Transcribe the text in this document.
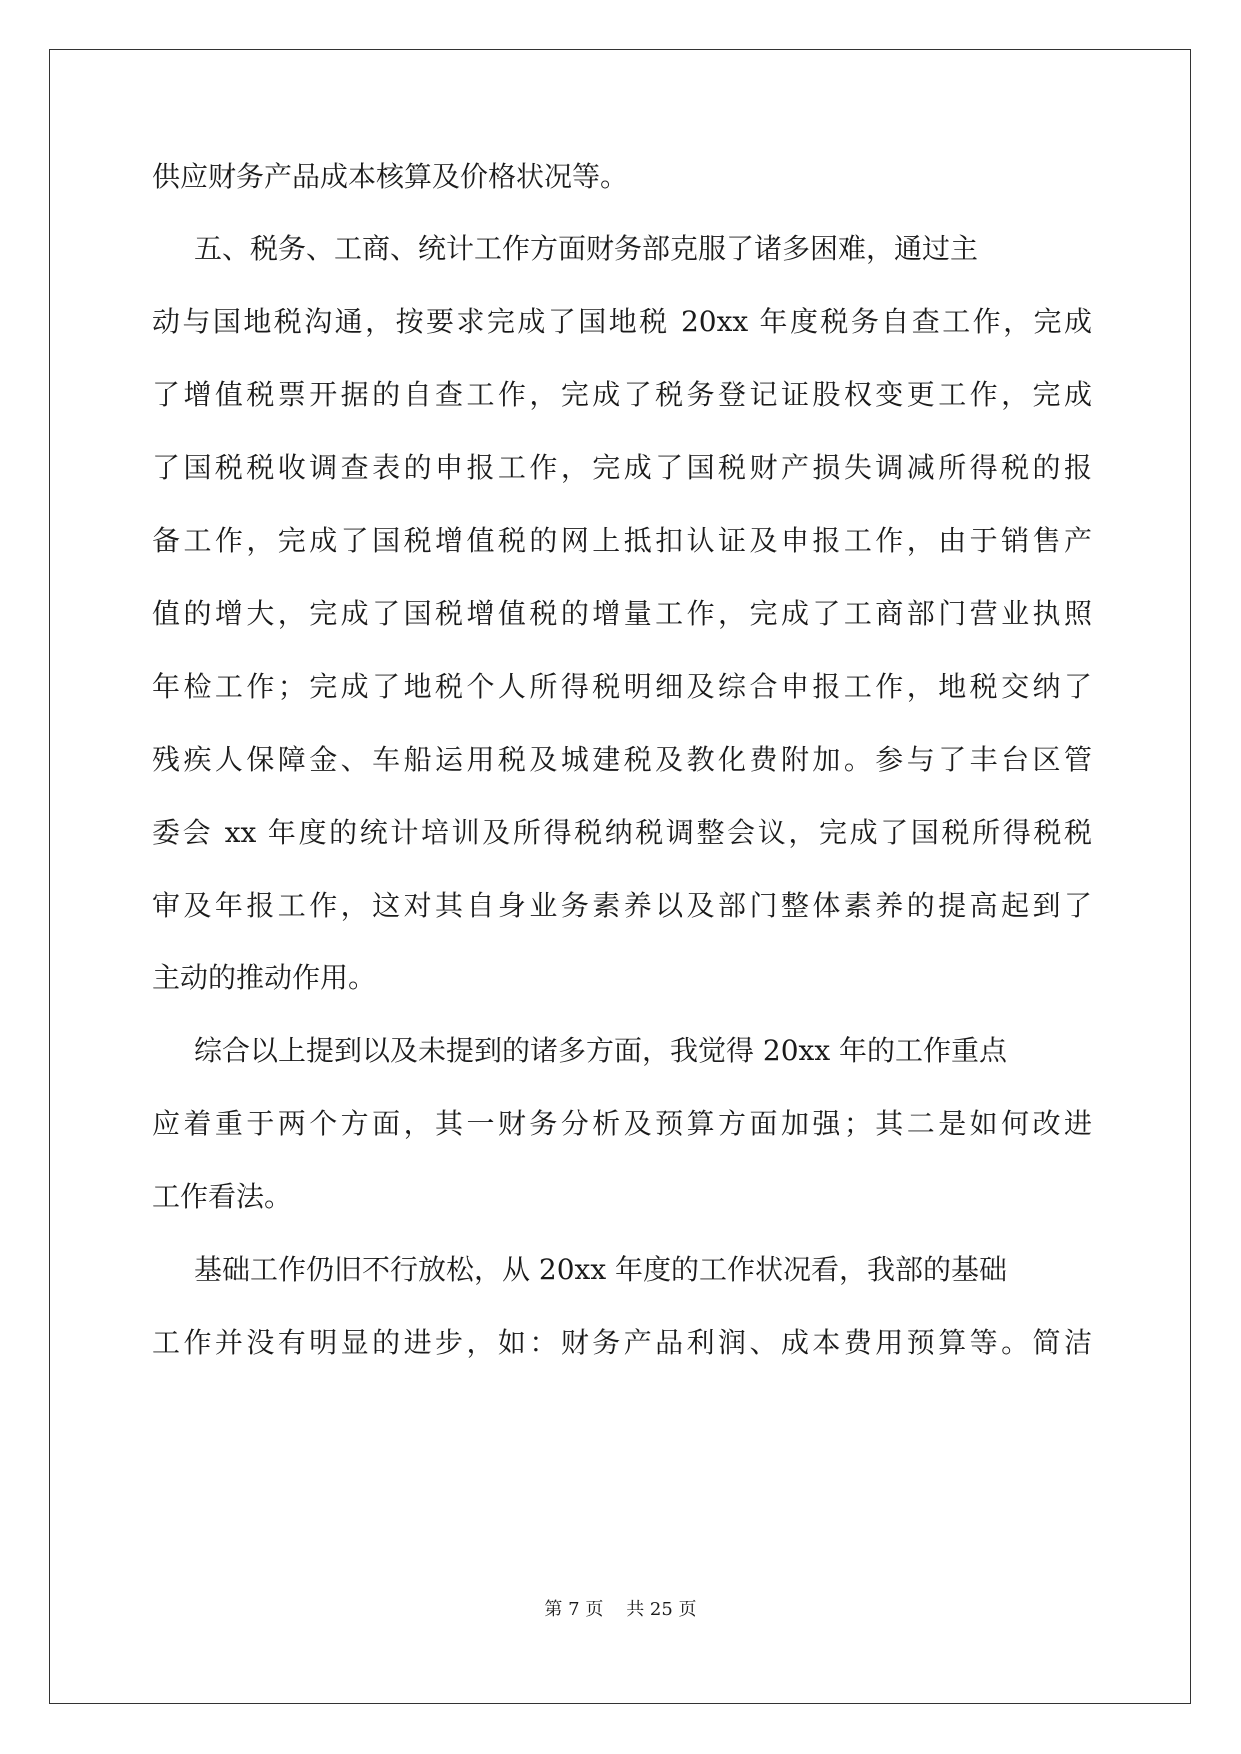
供应财务产品成本核算及价格状况等。
五、税务、工商、统计工作方面财务部克服了诸多困难，通过主
动与国地税沟通，按要求完成了国地税 20xx 年度税务自查工作，完成
了增值税票开据的自查工作，完成了税务登记证股权变更工作，完成
了国税税收调查表的申报工作，完成了国税财产损失调减所得税的报
备工作，完成了国税增值税的网上抵扣认证及申报工作，由于销售产
值的增大，完成了国税增值税的增量工作，完成了工商部门营业执照
年检工作；完成了地税个人所得税明细及综合申报工作，地税交纳了
残疾人保障金、车船运用税及城建税及教化费附加。参与了丰台区管
委会 xx 年度的统计培训及所得税纳税调整会议，完成了国税所得税税
审及年报工作，这对其自身业务素养以及部门整体素养的提高起到了
主动的推动作用。
综合以上提到以及未提到的诸多方面，我觉得 20xx 年的工作重点
应着重于两个方面，其一财务分析及预算方面加强；其二是如何改进
工作看法。
基础工作仍旧不行放松，从 20xx 年度的工作状况看，我部的基础
工作并没有明显的进步，如：财务产品利润、成本费用预算等。简洁
第 7 页    共 25 页
